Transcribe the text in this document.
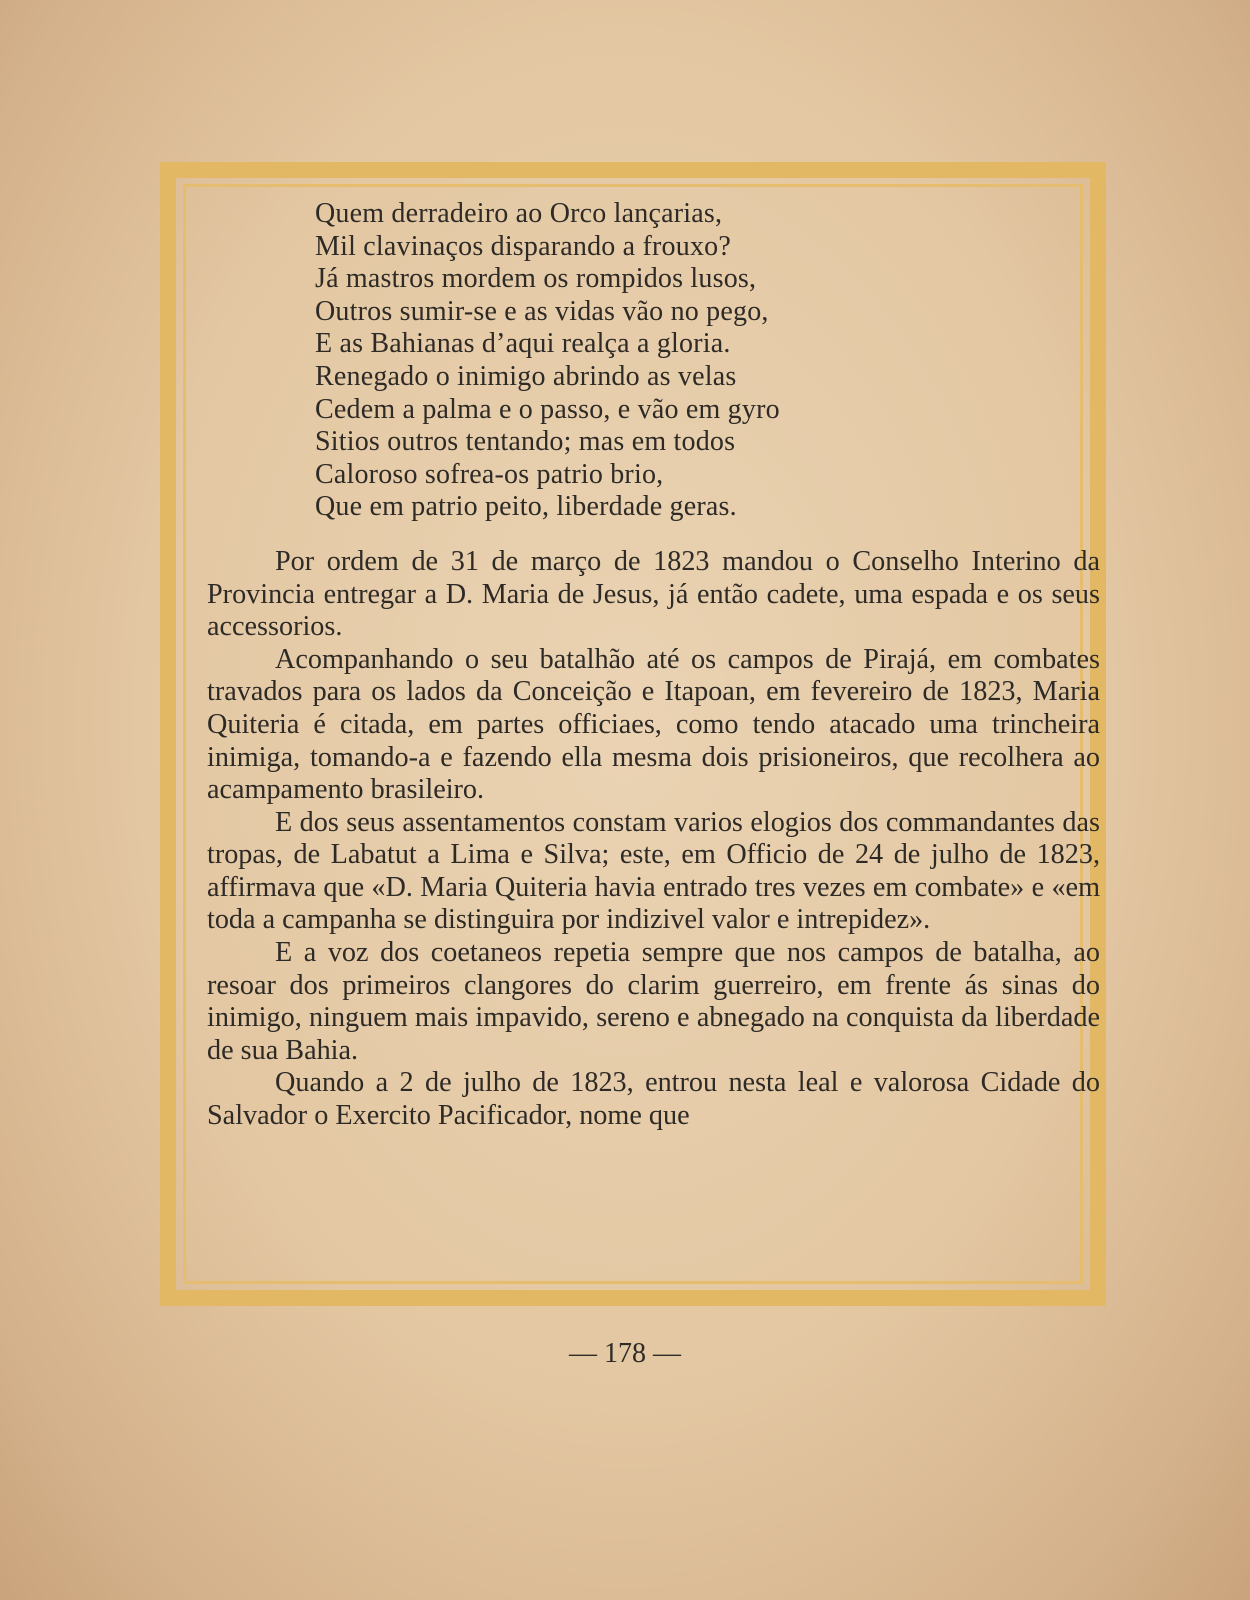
Quem derradeiro ao Orco lançarias,
Mil clavinaços disparando a frouxo?
Já mastros mordem os rompidos lusos,
Outros sumir-se e as vidas vão no pego,
E as Bahianas d’aqui realça a gloria.
Renegado o inimigo abrindo as velas
Cedem a palma e o passo, e vão em gyro
Sitios outros tentando; mas em todos
Caloroso sofrea-os patrio brio,
Que em patrio peito, liberdade geras.

Por ordem de 31 de março de 1823 mandou o Conselho Interino da Provincia entregar a D. Maria de Jesus, já então cadete, uma espada e os seus accessorios.

Acompanhando o seu batalhão até os campos de Pirajá, em combates travados para os lados da Conceição e Itapoan, em fevereiro de 1823, Maria Quiteria é citada, em partes officiaes, como tendo atacado uma trincheira inimiga, tomando-a e fazendo ella mesma dois prisioneiros, que recolhera ao acampamento brasileiro.

E dos seus assentamentos constam varios elogios dos commandantes das tropas, de Labatut a Lima e Silva; este, em Officio de 24 de julho de 1823, affirmava que «D. Maria Quiteria havia entrado tres vezes em combate» e «em toda a campanha se distinguira por indizivel valor e intrepidez».

E a voz dos coetaneos repetia sempre que nos campos de batalha, ao resoar dos primeiros clangores do clarim guerreiro, em frente ás sinas do inimigo, ninguem mais impavido, sereno e abnegado na conquista da liberdade de sua Bahia.

Quando a 2 de julho de 1823, entrou nesta leal e valorosa Cidade do Salvador o Exercito Pacificador, nome que

— 178 —
